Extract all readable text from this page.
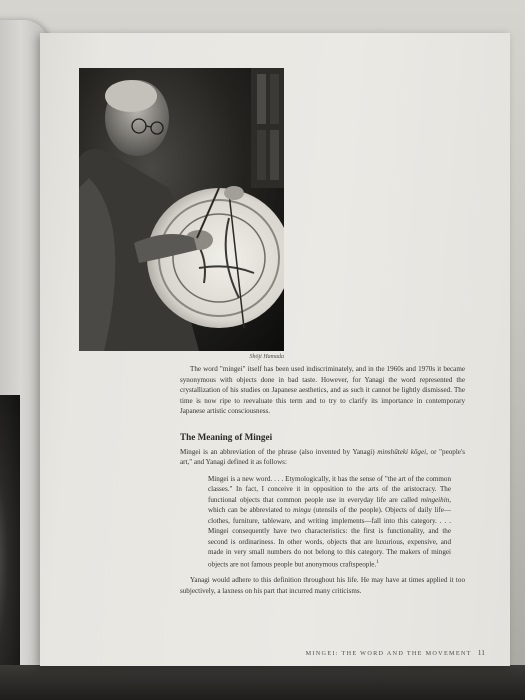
Shōji Hamada

The word "mingei" itself has been used indiscriminately, and in the 1960s and 1970s it became synonymous with objects done in bad taste. However, for Yanagi the word represented the crystallization of his studies on Japanese aesthetics, and as such it cannot be lightly dismissed. The time is now ripe to reevaluate this term and to try to clarify its importance in contemporary Japanese artistic consciousness.

The Meaning of Mingei

Mingei is an abbreviation of the phrase (also invented by Yanagi) minshūteki kōgei, or "people's art," and Yanagi defined it as follows:

Mingei is a new word. . . . Etymologically, it has the sense of "the art of the common classes." In fact, I conceive it in opposition to the arts of the aristocracy. The functional objects that common people use in everyday life are called mingeihin, which can be abbreviated to mingu (utensils of the people). Objects of daily life—clothes, furniture, tableware, and writing implements—fall into this category. . . . Mingei consequently have two characteristics: the first is functionality, and the second is ordinariness. In other words, objects that are luxurious, expensive, and made in very small numbers do not belong to this category. The makers of mingei objects are not famous people but anonymous craftspeople.$^1$

Yanagi would adhere to this definition throughout his life. He may have at times applied it too subjectively, a laxness on his part that incurred many criticisms.

MINGEI: THE WORD AND THE MOVEMENT 11
